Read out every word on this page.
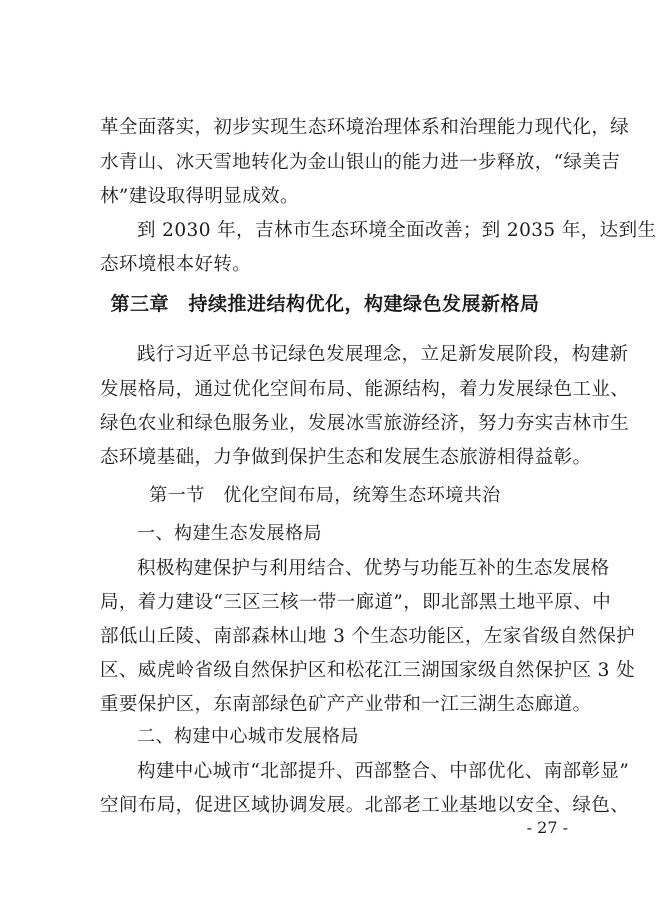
革全面落实，初步实现生态环境治理体系和治理能力现代化，绿
水青山、冰天雪地转化为金山银山的能力进一步释放，“绿美吉
林”建设取得明显成效。
到 2030 年，吉林市生态环境全面改善；到 2035 年，达到生
态环境根本好转。
第三章　持续推进结构优化，构建绿色发展新格局
践行习近平总书记绿色发展理念，立足新发展阶段，构建新
发展格局，通过优化空间布局、能源结构，着力发展绿色工业、
绿色农业和绿色服务业，发展冰雪旅游经济，努力夯实吉林市生
态环境基础，力争做到保护生态和发展生态旅游相得益彰。
第一节　优化空间布局，统筹生态环境共治
一、构建生态发展格局
积极构建保护与利用结合、优势与功能互补的生态发展格
局，着力建设“三区三核一带一廊道”，即北部黑土地平原、中
部低山丘陵、南部森林山地 3 个生态功能区，左家省级自然保护
区、威虎岭省级自然保护区和松花江三湖国家级自然保护区 3 处
重要保护区，东南部绿色矿产产业带和一江三湖生态廊道。
二、构建中心城市发展格局
构建中心城市“北部提升、西部整合、中部优化、南部彰显”
空间布局，促进区域协调发展。北部老工业基地以安全、绿色、
- 27 -
